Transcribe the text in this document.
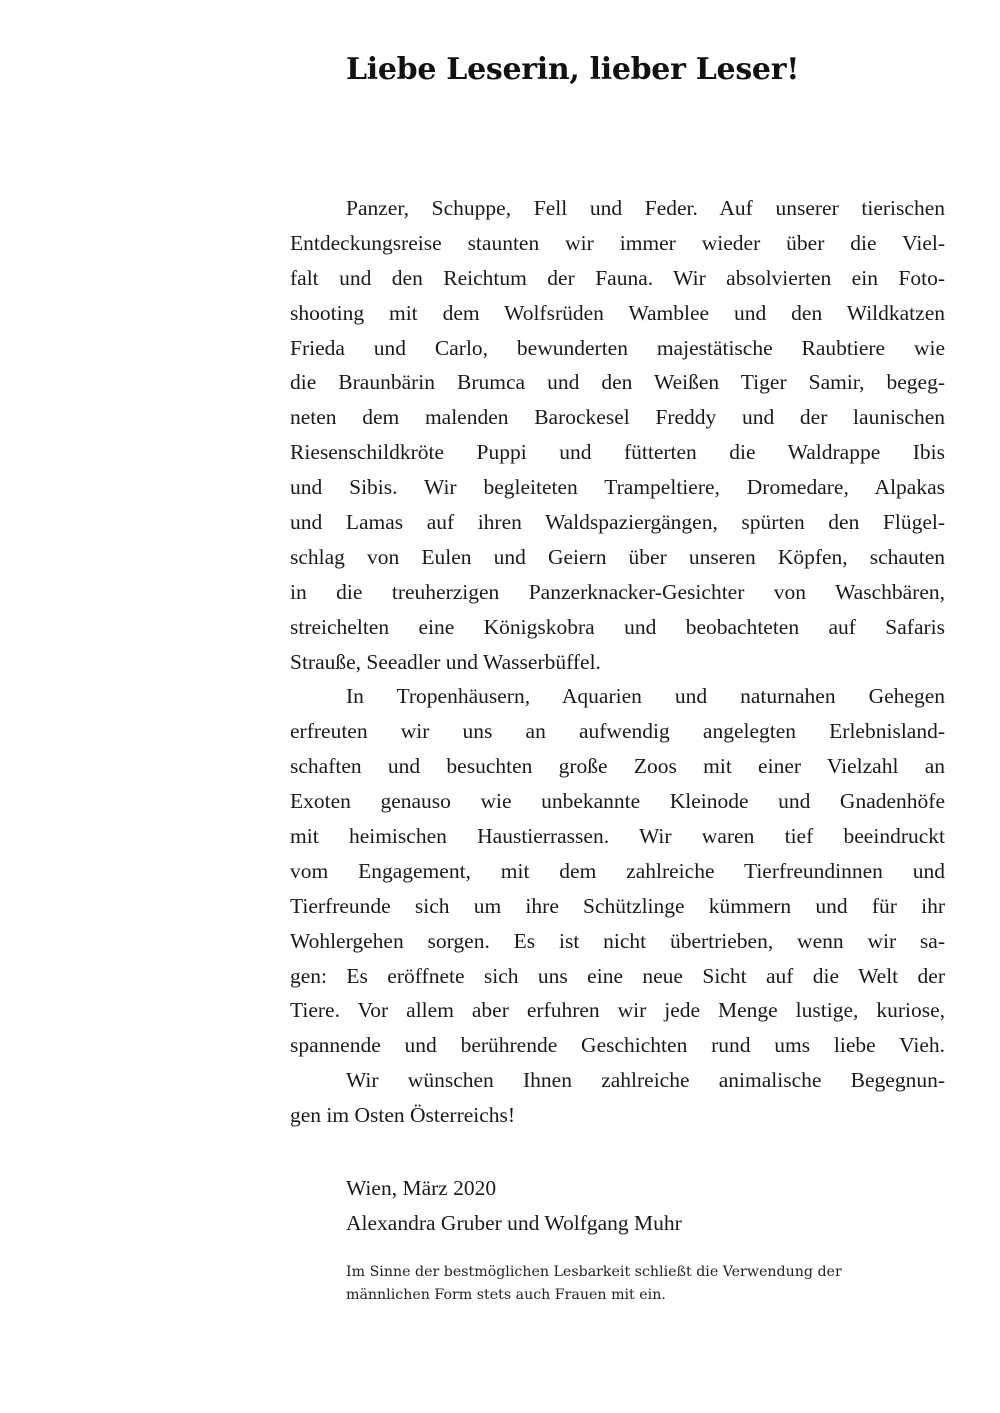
Liebe Leserin, lieber Leser!
Panzer, Schuppe, Fell und Feder. Auf unserer tierischen
Entdeckungsreise staunten wir immer wieder über die Viel-
falt und den Reichtum der Fauna. Wir absolvierten ein Foto-
shooting mit dem Wolfsrüden Wamblee und den Wildkatzen
Frieda und Carlo, bewunderten majestätische Raubtiere wie
die Braunbärin Brumca und den Weißen Tiger Samir, begeg-
neten dem malenden Barockesel Freddy und der launischen
Riesenschildkröte Puppi und fütterten die Waldrappe Ibis
und Sibis. Wir begleiteten Trampeltiere, Dromedare, Alpakas
und Lamas auf ihren Waldspaziergängen, spürten den Flügel-
schlag von Eulen und Geiern über unseren Köpfen, schauten
in die treuherzigen Panzerknacker-Gesichter von Waschbären,
streichelten eine Königskobra und beobachteten auf Safaris
Strauße, Seeadler und Wasserbüffel.
In Tropenhäusern, Aquarien und naturnahen Gehegen
erfreuten wir uns an aufwendig angelegten Erlebnisland-
schaften und besuchten große Zoos mit einer Vielzahl an
Exoten genauso wie unbekannte Kleinode und Gnadenhöfe
mit heimischen Haustierrassen. Wir waren tief beeindruckt
vom Engagement, mit dem zahlreiche Tierfreundinnen und
Tierfreunde sich um ihre Schützlinge kümmern und für ihr
Wohlergehen sorgen. Es ist nicht übertrieben, wenn wir sa-
gen: Es eröffnete sich uns eine neue Sicht auf die Welt der
Tiere. Vor allem aber erfuhren wir jede Menge lustige, kuriose,
spannende und berührende Geschichten rund ums liebe Vieh.
Wir wünschen Ihnen zahlreiche animalische Begegnun-
gen im Osten Österreichs!
Wien, März 2020
Alexandra Gruber und Wolfgang Muhr
Im Sinne der bestmöglichen Lesbarkeit schließt die Verwendung der
männlichen Form stets auch Frauen mit ein.
